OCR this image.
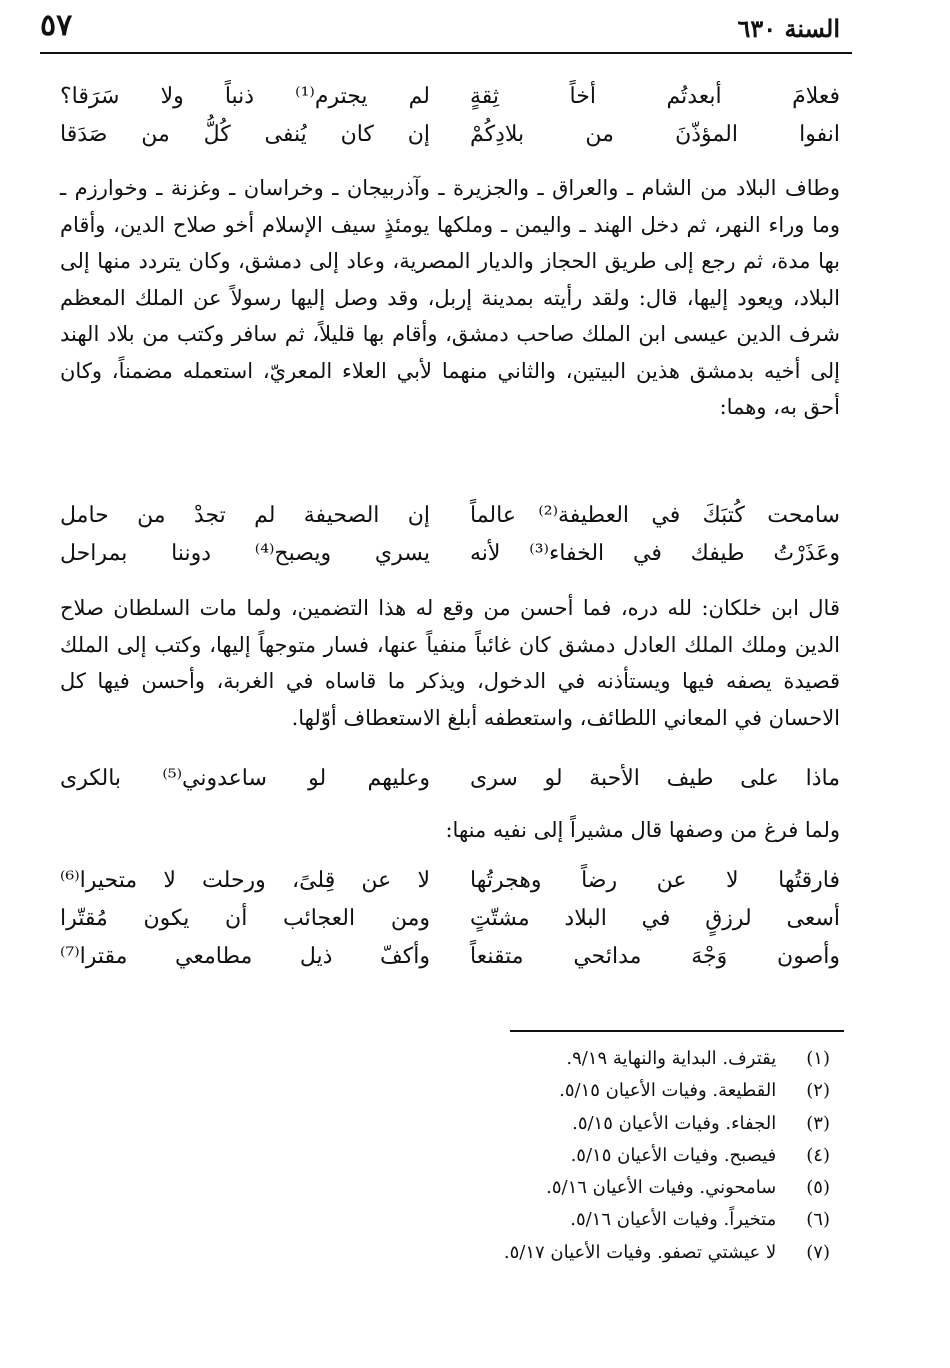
السنة ٦٣٠
٥٧
فعلامَ أبعدتُم أخاً ثِقةٍ
لم يجترم⁽¹⁾ ذنباً ولا سَرَقا؟
انفوا المؤذّنَ من بلادِكُمْ
إن كان يُنفى كُلُّ من صَدَقا

وطاف البلاد من الشام ـ والعراق ـ والجزيرة ـ وآذربيجان ـ وخراسان ـ وغزنة ـ وخوارزم ـ وما وراء النهر، ثم دخل الهند ـ واليمن ـ وملكها يومئذٍ سيف الإسلام أخو صلاح الدين، وأقام بها مدة، ثم رجع إلى طريق الحجاز والديار المصرية، وعاد إلى دمشق، وكان يتردد منها إلى البلاد، ويعود إليها، قال: ولقد رأيته بمدينة إربل، وقد وصل إليها رسولاً عن الملك المعظم شرف الدين عيسى ابن الملك صاحب دمشق، وأقام بها قليلاً، ثم سافر وكتب من بلاد الهند إلى أخيه بدمشق هذين البيتين، والثاني منهما لأبي العلاء المعريّ، استعمله مضمناً، وكان أحق به، وهما:

سامحت كُتبَكَ في العطيفة⁽²⁾ عالماً
إن الصحيفة لم تجدْ من حامل
وعَذَرْتُ طيفك في الخفاء⁽³⁾ لأنه
يسري ويصبح⁽⁴⁾ دوننا بمراحل

قال ابن خلكان: لله دره، فما أحسن من وقع له هذا التضمين، ولما مات السلطان صلاح الدين وملك الملك العادل دمشق كان غائباً منفياً عنها، فسار متوجهاً إليها، وكتب إلى الملك قصيدة يصفه فيها ويستأذنه في الدخول، ويذكر ما قاساه في الغربة، وأحسن فيها كل الاحسان في المعاني اللطائف، واستعطفه أبلغ الاستعطاف أوّلها.

ماذا على طيف الأحبة لو سرى
وعليهم لو ساعدوني⁽⁵⁾ بالكرى

ولما فرغ من وصفها قال مشيراً إلى نفيه منها:

فارقتُها لا عن رضاً وهجرتُها
لا عن قِلىً، ورحلت لا متحيرا⁽⁶⁾
أسعى لرزقٍ في البلاد مشتّتٍ
ومن العجائب أن يكون مُقتّرا
وأصون وَجْهَ مدائحي متقنعاً
وأكفّ ذيل مطامعي مقترا⁽⁷⁾
(١) يقترف. البداية والنهاية ٩/١٩.
(٢) القطيعة. وفيات الأعيان ٥/١٥.
(٣) الجفاء. وفيات الأعيان ٥/١٥.
(٤) فيصبح. وفيات الأعيان ٥/١٥.
(٥) سامحوني. وفيات الأعيان ٥/١٦.
(٦) متخيراً. وفيات الأعيان ٥/١٦.
(٧) لا عيشتي تصفو. وفيات الأعيان ٥/١٧.
